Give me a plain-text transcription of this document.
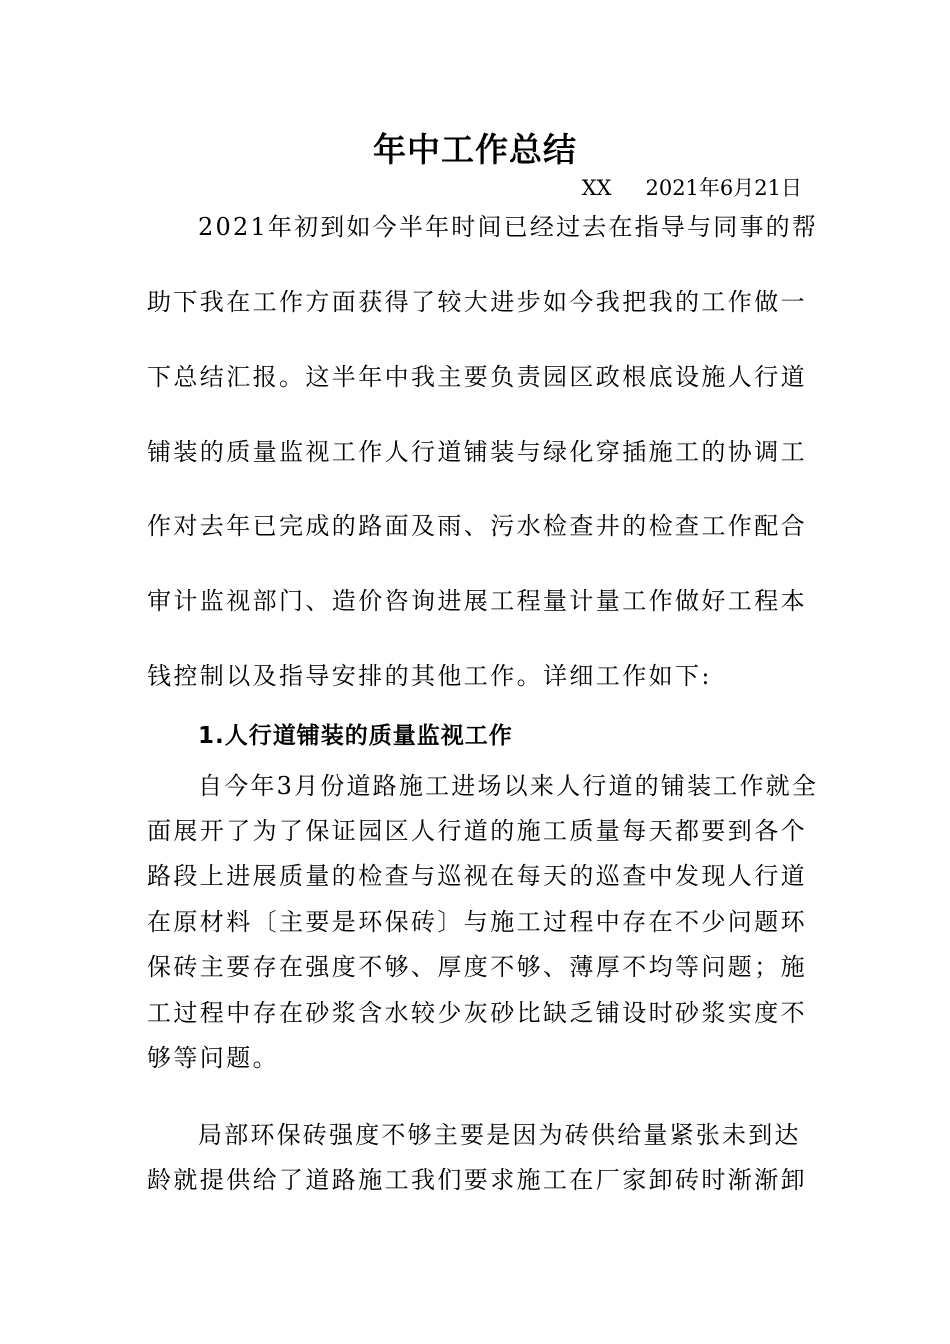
年中工作总结
XX 2021年6月21日
2021年初到如今半年时间已经过去在指导与同事的帮
助下我在工作方面获得了较大进步如今我把我的工作做一
下总结汇报。这半年中我主要负责园区政根底设施人行道
铺装的质量监视工作人行道铺装与绿化穿插施工的协调工
作对去年已完成的路面及雨、污水检查井的检查工作配合
审计监视部门、造价咨询进展工程量计量工作做好工程本
钱控制以及指导安排的其他工作。详细工作如下:
1.人行道铺装的质量监视工作
自今年3月份道路施工进场以来人行道的铺装工作就全
面展开了为了保证园区人行道的施工质量每天都要到各个
路段上进展质量的检查与巡视在每天的巡查中发现人行道
在原材料〔主要是环保砖〕与施工过程中存在不少问题环
保砖主要存在强度不够、厚度不够、薄厚不均等问题；施
工过程中存在砂浆含水较少灰砂比缺乏铺设时砂浆实度不
够等问题。
局部环保砖强度不够主要是因为砖供给量紧张未到达
龄就提供给了道路施工我们要求施工在厂家卸砖时渐渐卸
